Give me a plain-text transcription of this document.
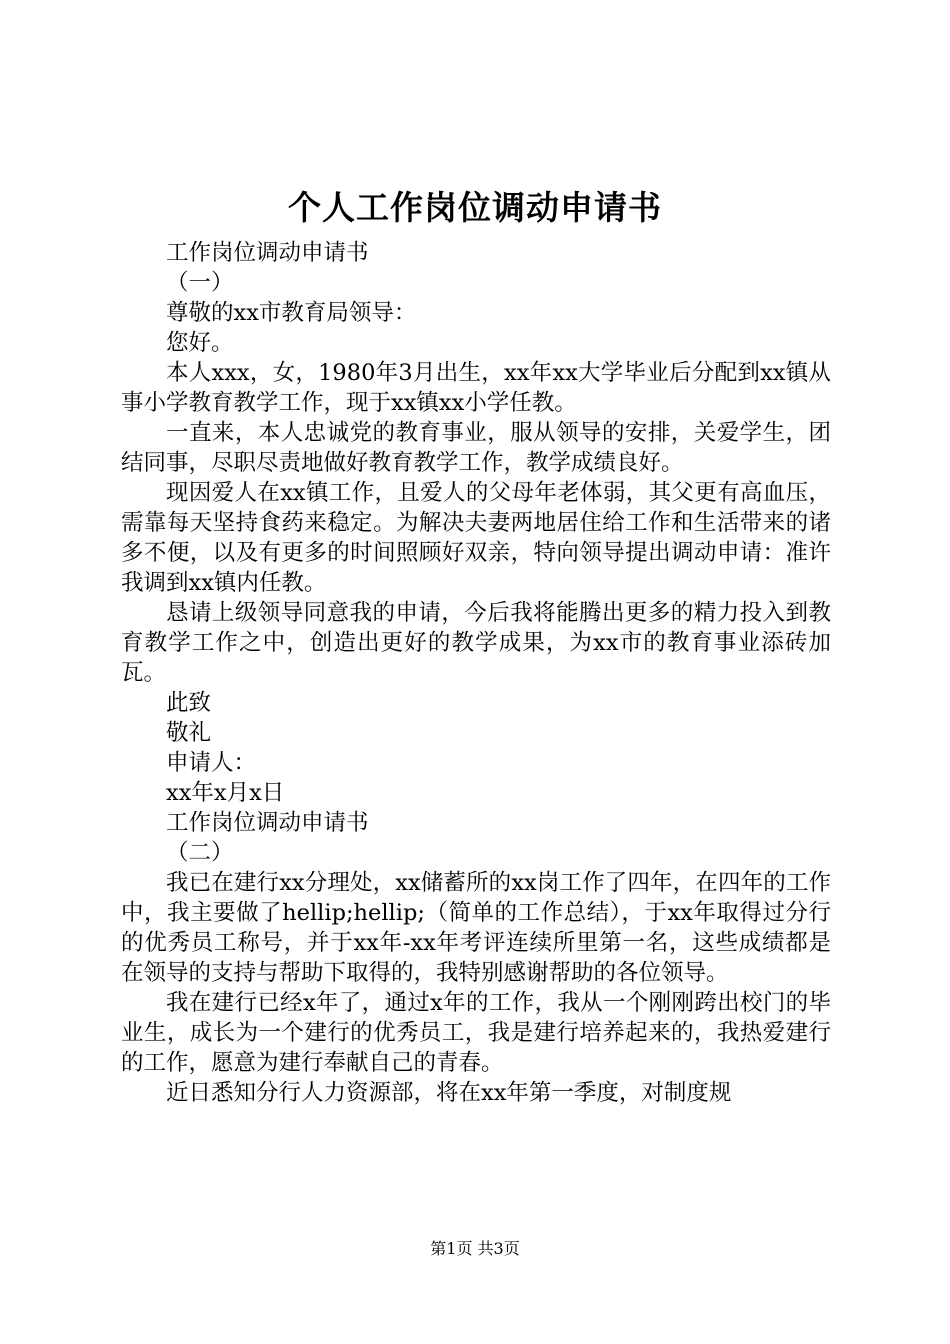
个人工作岗位调动申请书

工作岗位调动申请书

（一）

尊敬的xx市教育局领导：

您好。

本人xxx，女，1980年3月出生，xx年xx大学毕业后分配到xx镇从事小学教育教学工作，现于xx镇xx小学任教。

一直来，本人忠诚党的教育事业，服从领导的安排，关爱学生，团结同事，尽职尽责地做好教育教学工作，教学成绩良好。

现因爱人在xx镇工作，且爱人的父母年老体弱，其父更有高血压，需靠每天坚持食药来稳定。为解决夫妻两地居住给工作和生活带来的诸多不便，以及有更多的时间照顾好双亲，特向领导提出调动申请：准许我调到xx镇内任教。

恳请上级领导同意我的申请，今后我将能腾出更多的精力投入到教育教学工作之中，创造出更好的教学成果，为xx市的教育事业添砖加瓦。

此致

敬礼

申请人：

xx年x月x日

工作岗位调动申请书

（二）

我已在建行xx分理处，xx储蓄所的xx岗工作了四年，在四年的工作中，我主要做了hellip;hellip;（简单的工作总结），于xx年取得过分行的优秀员工称号，并于xx年-xx年考评连续所里第一名，这些成绩都是在领导的支持与帮助下取得的，我特别感谢帮助的各位领导。

我在建行已经x年了，通过x年的工作，我从一个刚刚跨出校门的毕业生，成长为一个建行的优秀员工，我是建行培养起来的，我热爱建行的工作，愿意为建行奉献自己的青春。

近日悉知分行人力资源部，将在xx年第一季度，对制度规

第1页 共3页
